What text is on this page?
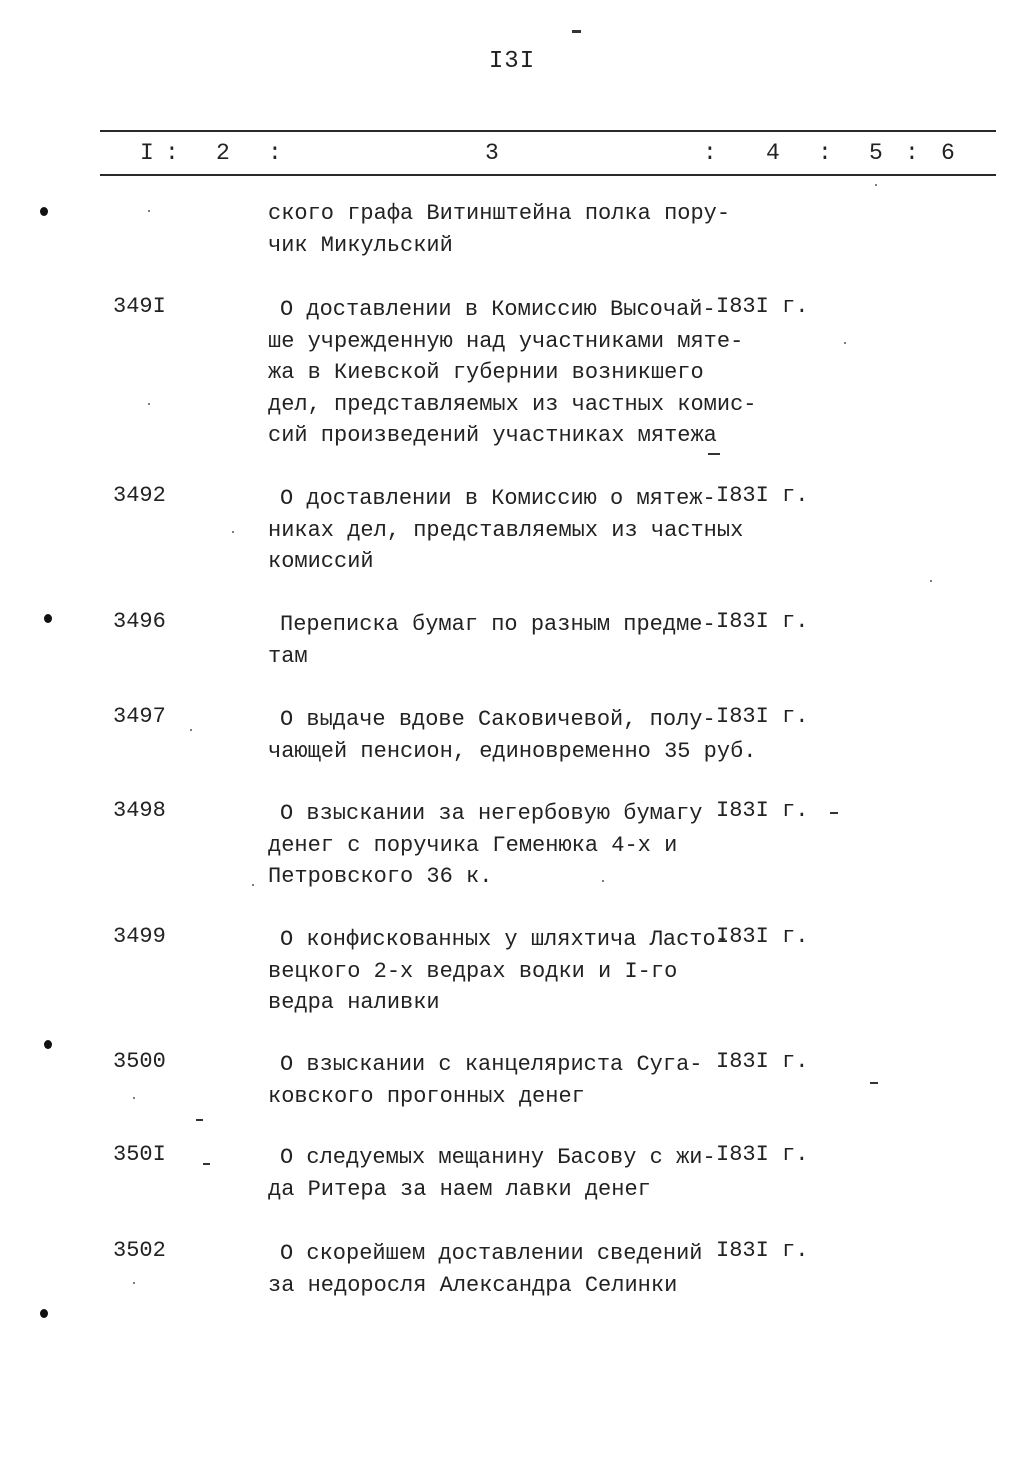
I3I
I : 2 :	3	: 4 : 5 : 6
ского графа Витинштейна полка пору-
чик Микульский
349I	О доставлении в Комиссию Высочай-
ше учрежденную над участниками мяте-
жа в Киевской губернии возникшего
дел, представляемых из частных комис-
сий произведений участниках мятежа
I83I г.
3492	О доставлении в Комиссию о мятеж-
никах дел, представляемых из частных
комиссий
I83I г.
3496	Переписка бумаг по разным предме-
там
I83I г.
3497	О выдаче вдове Саковичевой, полу-
чающей пенсион, единовременно 35 руб.
I83I г.
3498	О взыскании за негербовую бумагу
денег с поручика Геменюка 4-х и
Петровского 36 к.
I83I г.
3499	О конфискованных у шляхтича Ласто-
вецкого 2-х ведрах водки и I-го
ведра наливки
I83I г.
3500	О взыскании с канцеляриста Суга-
ковского прогонных денег
I83I г.
350I	О следуемых мещанину Басову с жи-
да Ритера за наем лавки денег
I83I г.
3502	О скорейшем доставлении сведений
за недоросля Александра Селинки
I83I г.
